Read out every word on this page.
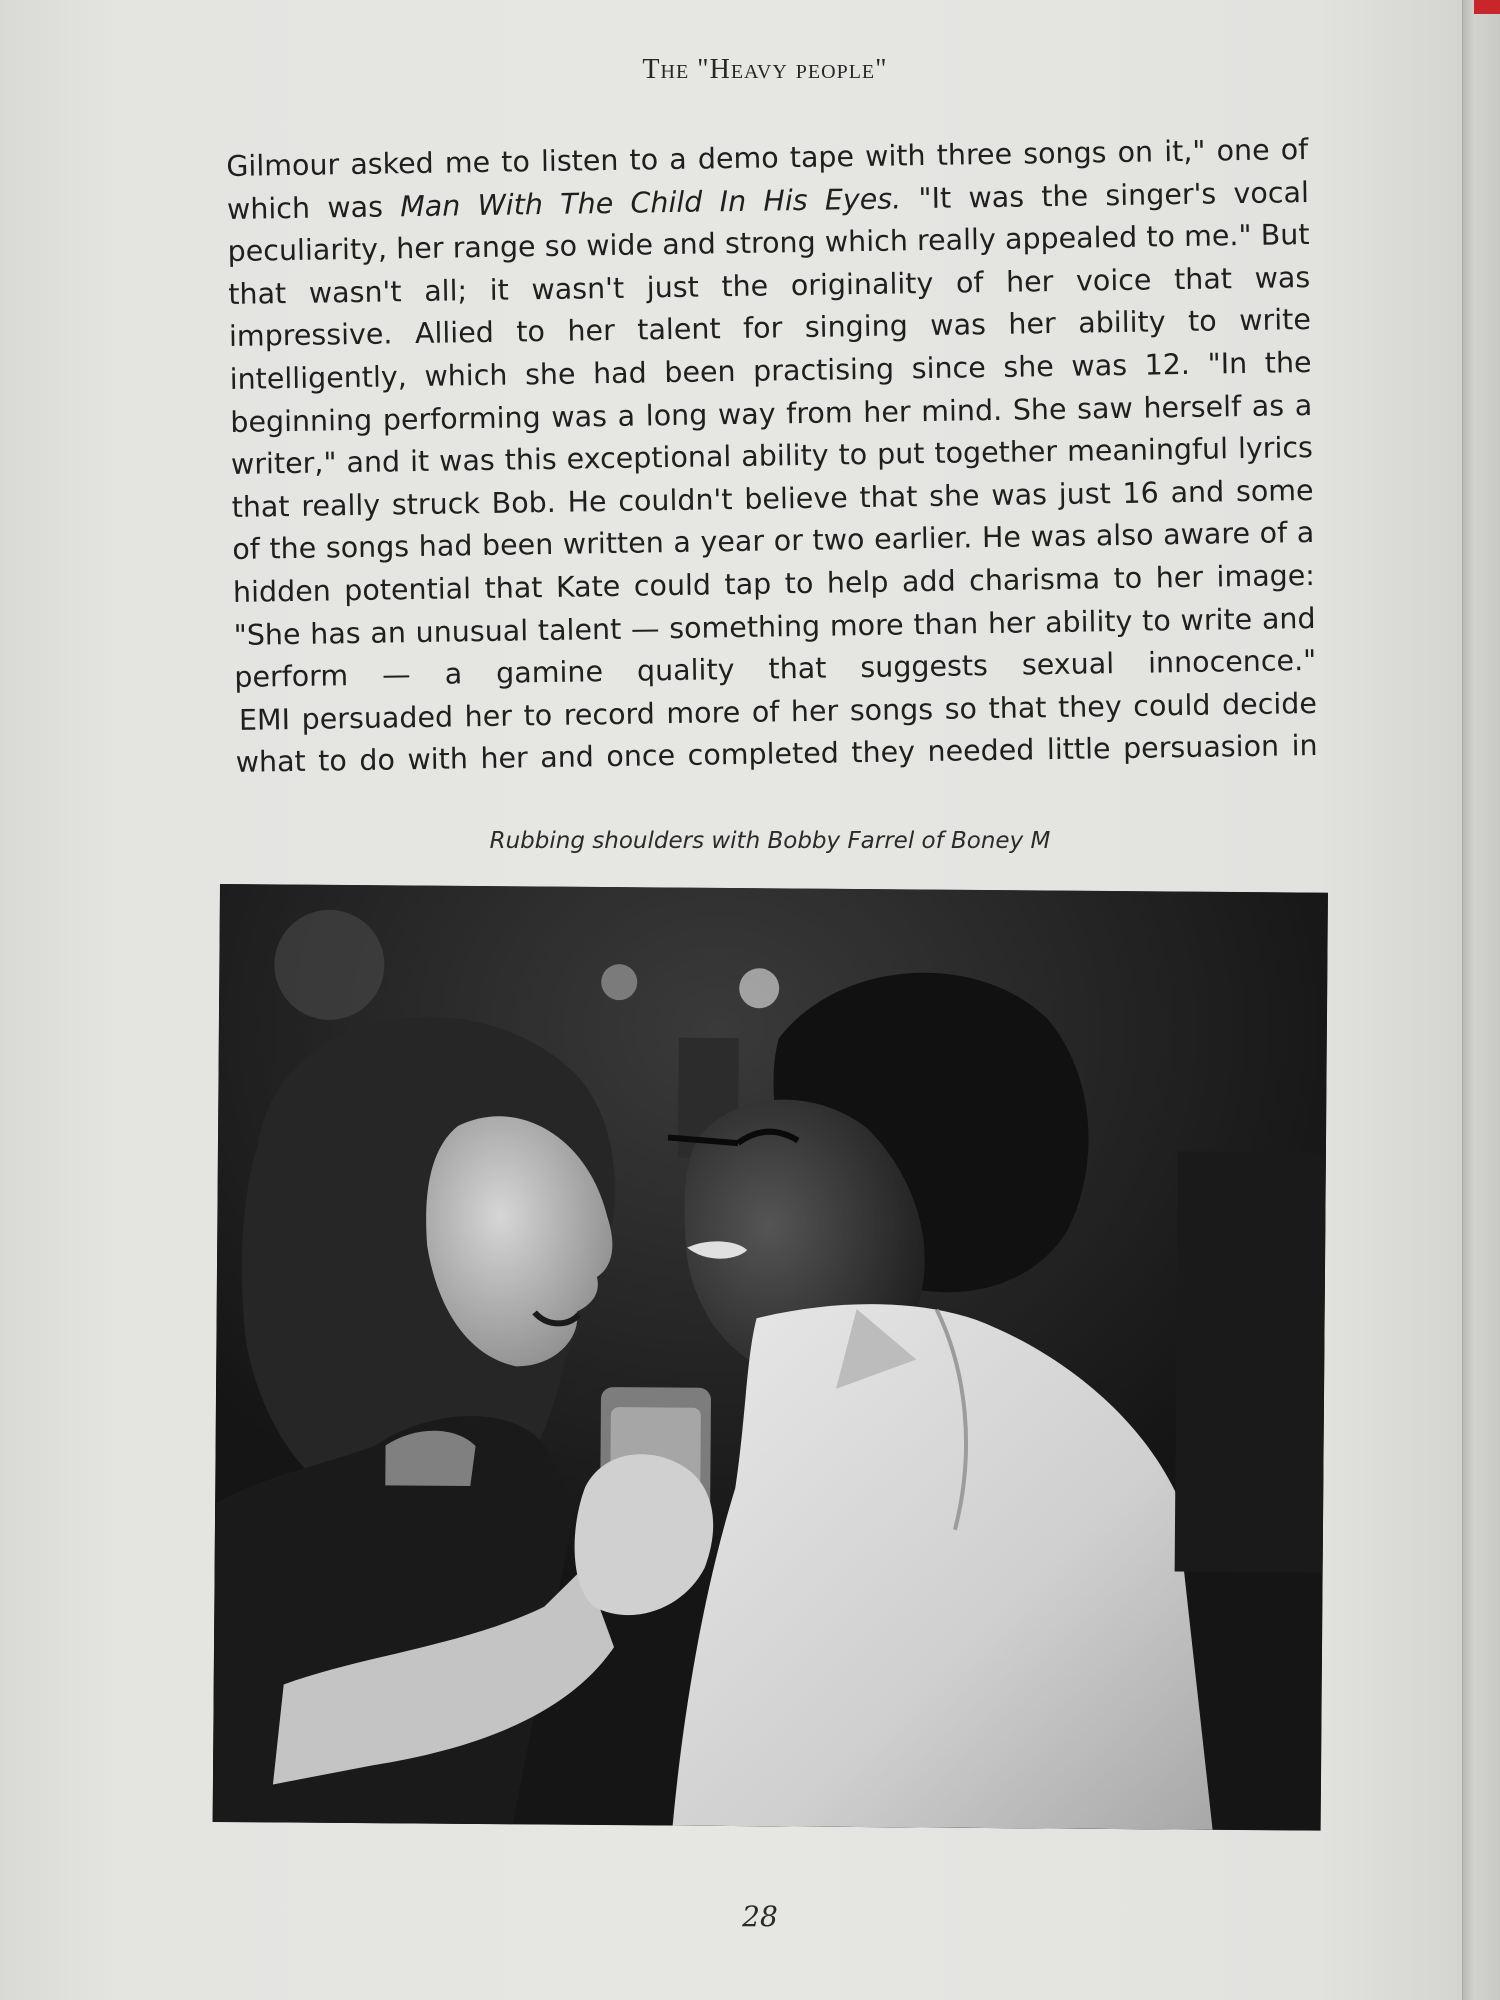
The "Heavy people"

Gilmour asked me to listen to a demo tape with three songs on it," one of which was Man With The Child In His Eyes. "It was the singer's vocal peculiarity, her range so wide and strong which really appealed to me." But that wasn't all; it wasn't just the originality of her voice that was impressive. Allied to her talent for singing was her ability to write intelligently, which she had been practising since she was 12. "In the beginning performing was a long way from her mind. She saw herself as a writer," and it was this exceptional ability to put together meaningful lyrics that really struck Bob. He couldn't believe that she was just 16 and some of the songs had been written a year or two earlier. He was also aware of a hidden potential that Kate could tap to help add charisma to her image: "She has an unusual talent — something more than her ability to write and perform — a gamine quality that suggests sexual innocence."

EMI persuaded her to record more of her songs so that they could decide what to do with her and once completed they needed little persuasion in

Rubbing shoulders with Bobby Farrel of Boney M
28
